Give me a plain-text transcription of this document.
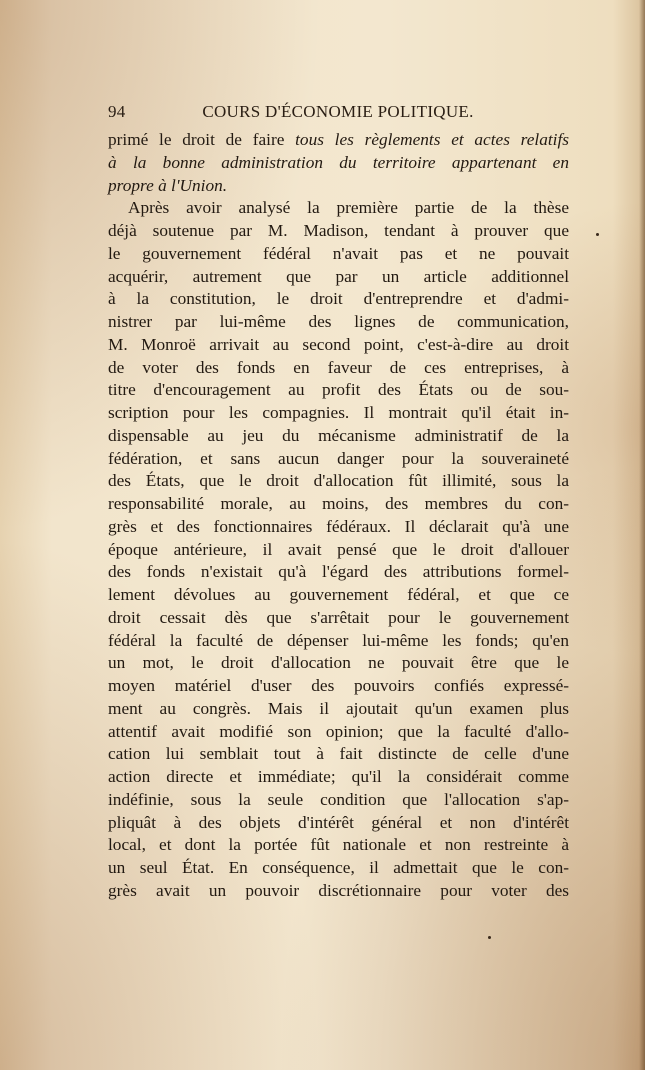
94	COURS D'ÉCONOMIE POLITIQUE.
primé le droit de faire tous les règlements et actes relatifs
à la bonne administration du territoire appartenant en
propre à l'Union.
Après avoir analysé la première partie de la thèse
déjà soutenue par M. Madison, tendant à prouver que
le gouvernement fédéral n'avait pas et ne pouvait
acquérir, autrement que par un article additionnel
à la constitution, le droit d'entreprendre et d'admi-
nistrer par lui-même des lignes de communication,
M. Monroë arrivait au second point, c'est-à-dire au droit
de voter des fonds en faveur de ces entreprises, à
titre d'encouragement au profit des États ou de sou-
scription pour les compagnies. Il montrait qu'il était in-
dispensable au jeu du mécanisme administratif de la
fédération, et sans aucun danger pour la souveraineté
des États, que le droit d'allocation fût illimité, sous la
responsabilité morale, au moins, des membres du con-
grès et des fonctionnaires fédéraux. Il déclarait qu'à une
époque antérieure, il avait pensé que le droit d'allouer
des fonds n'existait qu'à l'égard des attributions formel-
lement dévolues au gouvernement fédéral, et que ce
droit cessait dès que s'arrêtait pour le gouvernement
fédéral la faculté de dépenser lui-même les fonds; qu'en
un mot, le droit d'allocation ne pouvait être que le
moyen matériel d'user des pouvoirs confiés expressé-
ment au congrès. Mais il ajoutait qu'un examen plus
attentif avait modifié son opinion; que la faculté d'allo-
cation lui semblait tout à fait distincte de celle d'une
action directe et immédiate; qu'il la considérait comme
indéfinie, sous la seule condition que l'allocation s'ap-
pliquât à des objets d'intérêt général et non d'intérêt
local, et dont la portée fût nationale et non restreinte à
un seul État. En conséquence, il admettait que le con-
grès avait un pouvoir discrétionnaire pour voter des
